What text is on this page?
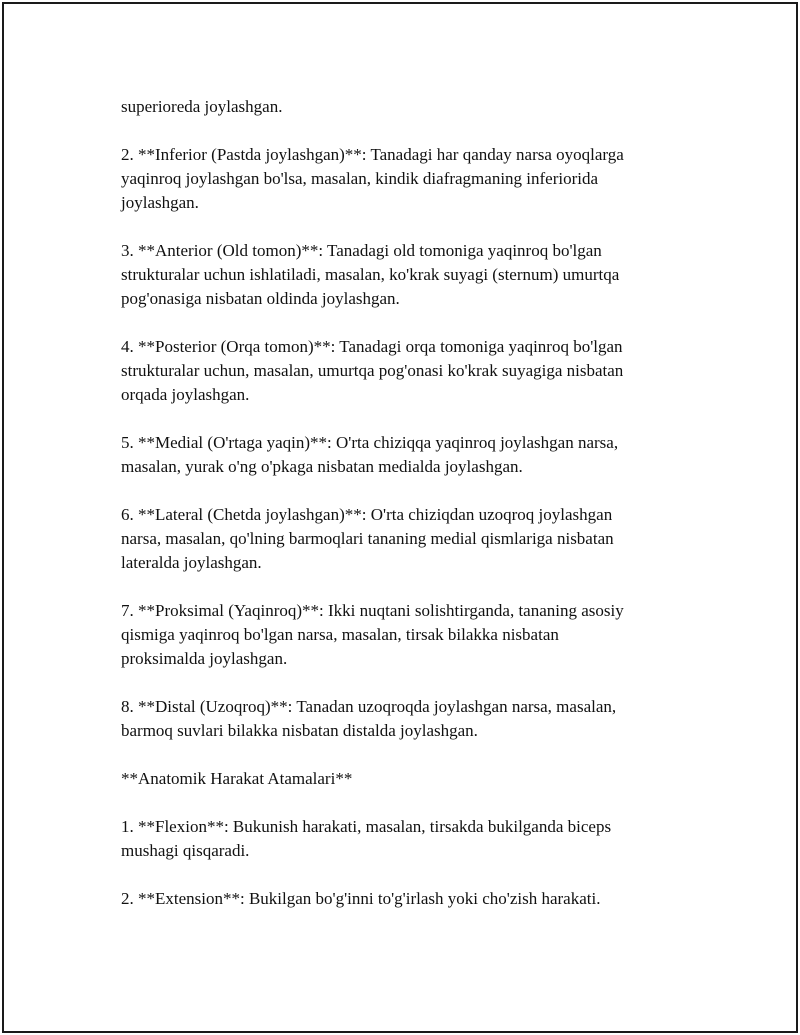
superioreda joylashgan.

2. **Inferior (Pastda joylashgan)**: Tanadagi har qanday narsa oyoqlarga
yaqinroq joylashgan bo'lsa, masalan, kindik diafragmaning inferiorida
joylashgan.

3. **Anterior (Old tomon)**: Tanadagi old tomoniga yaqinroq bo'lgan
strukturalar uchun ishlatiladi, masalan, ko'krak suyagi (sternum) umurtqa
pog'onasiga nisbatan oldinda joylashgan.

4. **Posterior (Orqa tomon)**: Tanadagi orqa tomoniga yaqinroq bo'lgan
strukturalar uchun, masalan, umurtqa pog'onasi ko'krak suyagiga nisbatan
orqada joylashgan.

5. **Medial (O'rtaga yaqin)**: O'rta chiziqqa yaqinroq joylashgan narsa,
masalan, yurak o'ng o'pkaga nisbatan medialda joylashgan.

6. **Lateral (Chetda joylashgan)**: O'rta chiziqdan uzoqroq joylashgan
narsa, masalan, qo'lning barmoqlari tananing medial qismlariga nisbatan
lateralda joylashgan.

7. **Proksimal (Yaqinroq)**: Ikki nuqtani solishtirganda, tananing asosiy
qismiga yaqinroq bo'lgan narsa, masalan, tirsak bilakka nisbatan
proksimalda joylashgan.

8. **Distal (Uzoqroq)**: Tanadan uzoqroqda joylashgan narsa, masalan,
barmoq suvlari bilakka nisbatan distalda joylashgan.

**Anatomik Harakat Atamalari**

1. **Flexion**: Bukunish harakati, masalan, tirsakda bukilganda biceps
mushagi qisqaradi.

2. **Extension**: Bukilgan bo'g'inni to'g'irlash yoki cho'zish harakati.
